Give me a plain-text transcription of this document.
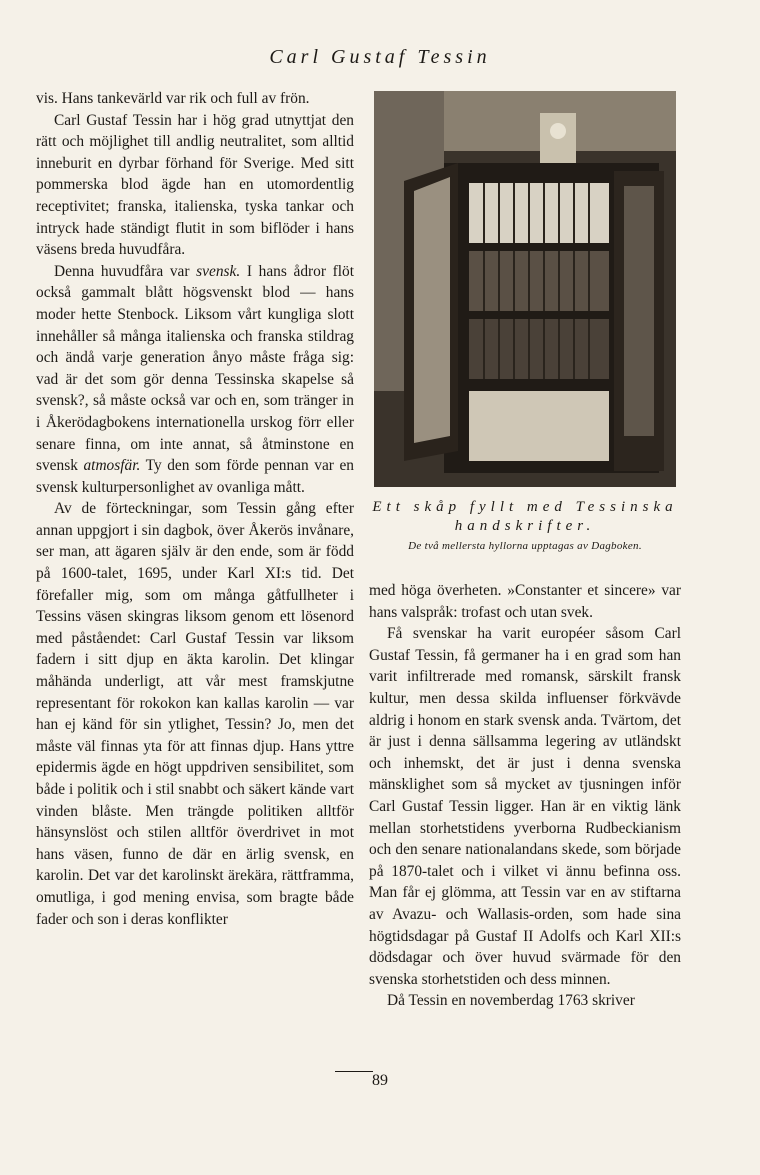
Carl Gustaf Tessin

vis. Hans tankevärld var rik och full av frön.

Carl Gustaf Tessin har i hög grad utnyttjat den rätt och möjlighet till andlig neutralitet, som alltid inneburit en dyrbar förhand för Sverige. Med sitt pommerska blod ägde han en utomordentlig receptivitet; franska, italienska, tyska tankar och intryck hade ständigt flutit in som biflöder i hans väsens breda huvudfåra.

Denna huvudfåra var svensk. I hans ådror flöt också gammalt blått högsvenskt blod — hans moder hette Stenbock. Liksom vårt kungliga slott innehåller så många italienska och franska stildrag och ändå varje generation ånyo måste fråga sig: vad är det som gör denna Tessinska skapelse så svensk?, så måste också var och en, som tränger in i Åkerödagbokens internationella urskog förr eller senare finna, om inte annat, så åtminstone en svensk atmosfär. Ty den som förde pennan var en svensk kulturpersonlighet av ovanliga mått.

Av de förteckningar, som Tessin gång efter annan uppgjort i sin dagbok, över Åkerös invånare, ser man, att ägaren själv är den ende, som är född på 1600-talet, 1695, under Karl XI:s tid. Det förefaller mig, som om många gåtfullheter i Tessins väsen skingras liksom genom ett lösenord med påståendet: Carl Gustaf Tessin var liksom fadern i sitt djup en äkta karolin. Det klingar måhända underligt, att vår mest framskjutne representant för rokokon kan kallas karolin — var han ej känd för sin ytlighet, Tessin? Jo, men det måste väl finnas yta för att finnas djup. Hans yttre epidermis ägde en högt uppdriven sensibilitet, som både i politik och i stil snabbt och säkert kände vart vinden blåste. Men trängde politiken alltför hänsynslöst och stilen alltför överdrivet in mot hans väsen, funno de där en ärlig svensk, en karolin. Det var det karolinskt ärekära, rättframma, omutliga, i god mening envisa, som bragte både fader och son i deras konflikter

Ett skåp fyllt med Tessinska
handskrifter.
De två mellersta hyllorna upptagas av Dagboken.

med höga överheten. »Constanter et sincere» var hans valspråk: trofast och utan svek.

Få svenskar ha varit européer såsom Carl Gustaf Tessin, få germaner ha i en grad som han varit infiltrerade med romansk, särskilt fransk kultur, men dessa skilda influenser förkvävde aldrig i honom en stark svensk anda. Tvärtom, det är just i denna sällsamma legering av utländskt och inhemskt, det är just i denna svenska mänsklighet som så mycket av tjusningen inför Carl Gustaf Tessin ligger. Han är en viktig länk mellan storhetstidens yverborna Rudbeckianism och den senare nationalandans skede, som började på 1870-talet och i vilket vi ännu befinna oss. Man får ej glömma, att Tessin var en av stiftarna av Avazu- och Wallasis-orden, som hade sina högtidsdagar på Gustaf II Adolfs och Karl XII:s dödsdagar och över huvud svärmade för den svenska storhetstiden och dess minnen.

Då Tessin en novemberdag 1763 skriver

89
